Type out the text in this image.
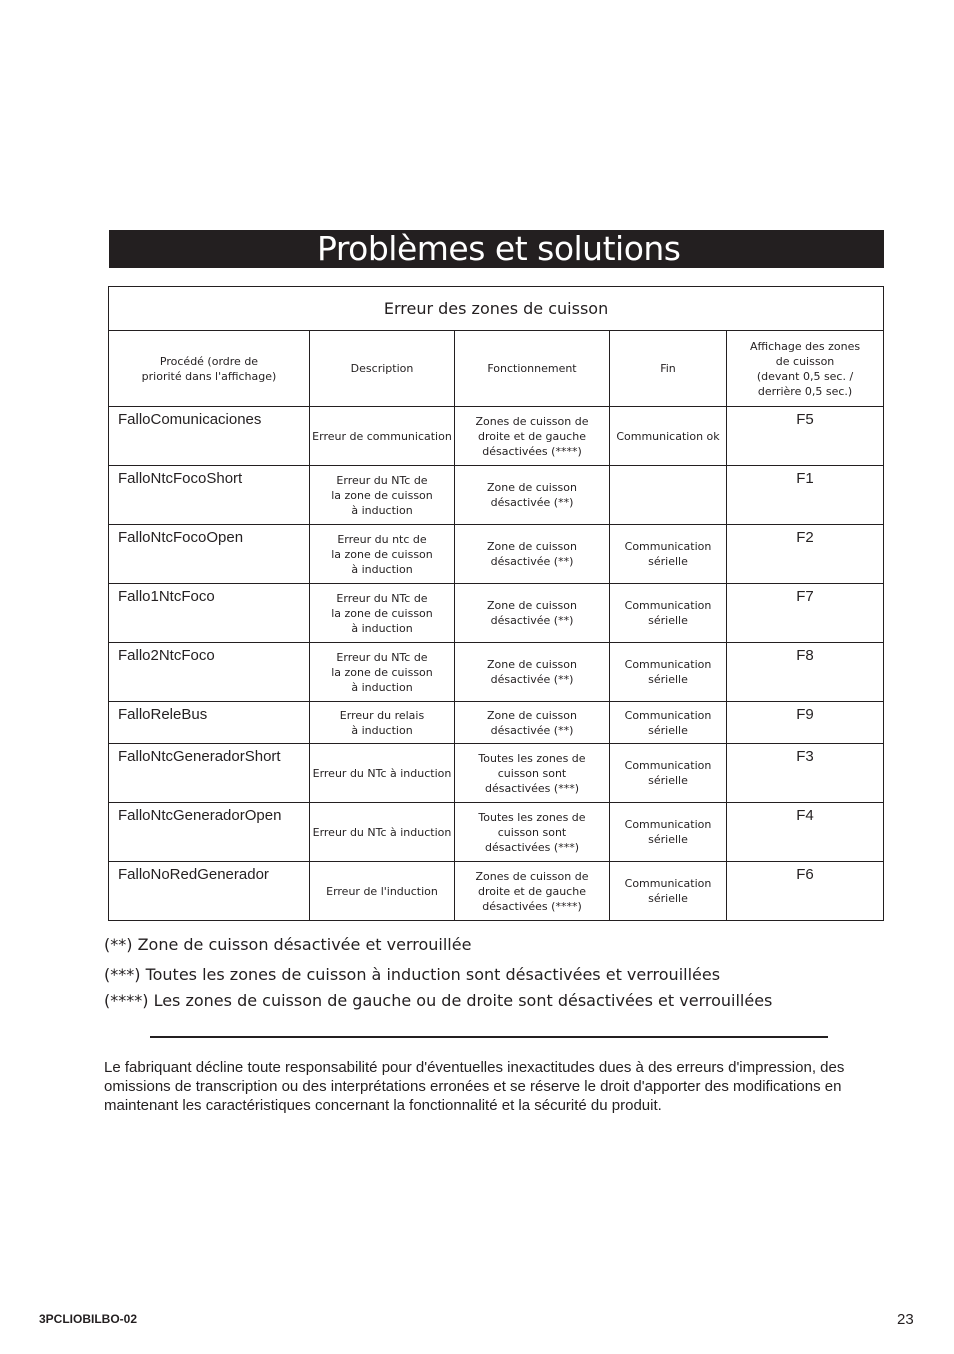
Problèmes et solutions
Erreur des zones de cuisson				

Procédé (ordre de
priorité dans l'affichage)	Description	Fonctionnement	Fin	Affichage des zones
de cuisson
(devant 0,5 sec. /
derrière 0,5 sec.)

FalloComunicaciones	Erreur de communication	Zones de cuisson de
droite et de gauche
désactivées (****)	Communication ok	F5

FalloNtcFocoShort	Erreur du NTc de
la zone de cuisson
à induction	Zone de cuisson
désactivée (**)		F1

FalloNtcFocoOpen	Erreur du ntc de
la zone de cuisson
à induction	Zone de cuisson
désactivée (**)	Communication
sérielle	F2

Fallo1NtcFoco	Erreur du NTc de
la zone de cuisson
à induction	Zone de cuisson
désactivée (**)	Communication
sérielle	F7

Fallo2NtcFoco	Erreur du NTc de
la zone de cuisson
à induction	Zone de cuisson
désactivée (**)	Communication
sérielle	F8

FalloReleBus	Erreur du relais
à induction	Zone de cuisson
désactivée (**)	Communication
sérielle	F9

FalloNtcGeneradorShort	Erreur du NTc à induction	Toutes les zones de
cuisson sont
désactivées (***)	Communication
sérielle	F3

FalloNtcGeneradorOpen	Erreur du NTc à induction	Toutes les zones de
cuisson sont
désactivées (***)	Communication
sérielle	F4

FalloNoRedGenerador	Erreur de l'induction	Zones de cuisson de
droite et de gauche
désactivées (****)	Communication
sérielle	F6
(**) Zone de cuisson désactivée et verrouillée
(***) Toutes les zones de cuisson à induction sont désactivées et verrouillées
(****) Les zones de cuisson de gauche ou de droite sont désactivées et verrouillées
Le fabriquant décline toute responsabilité pour d'éventuelles inexactitudes dues à des erreurs d'impression, des omissions de transcription ou des interprétations erronées et se réserve le droit d'apporter des modifications en maintenant les caractéristiques concernant la fonctionnalité et la sécurité du produit.
3PCLIOBILBO-02	23
